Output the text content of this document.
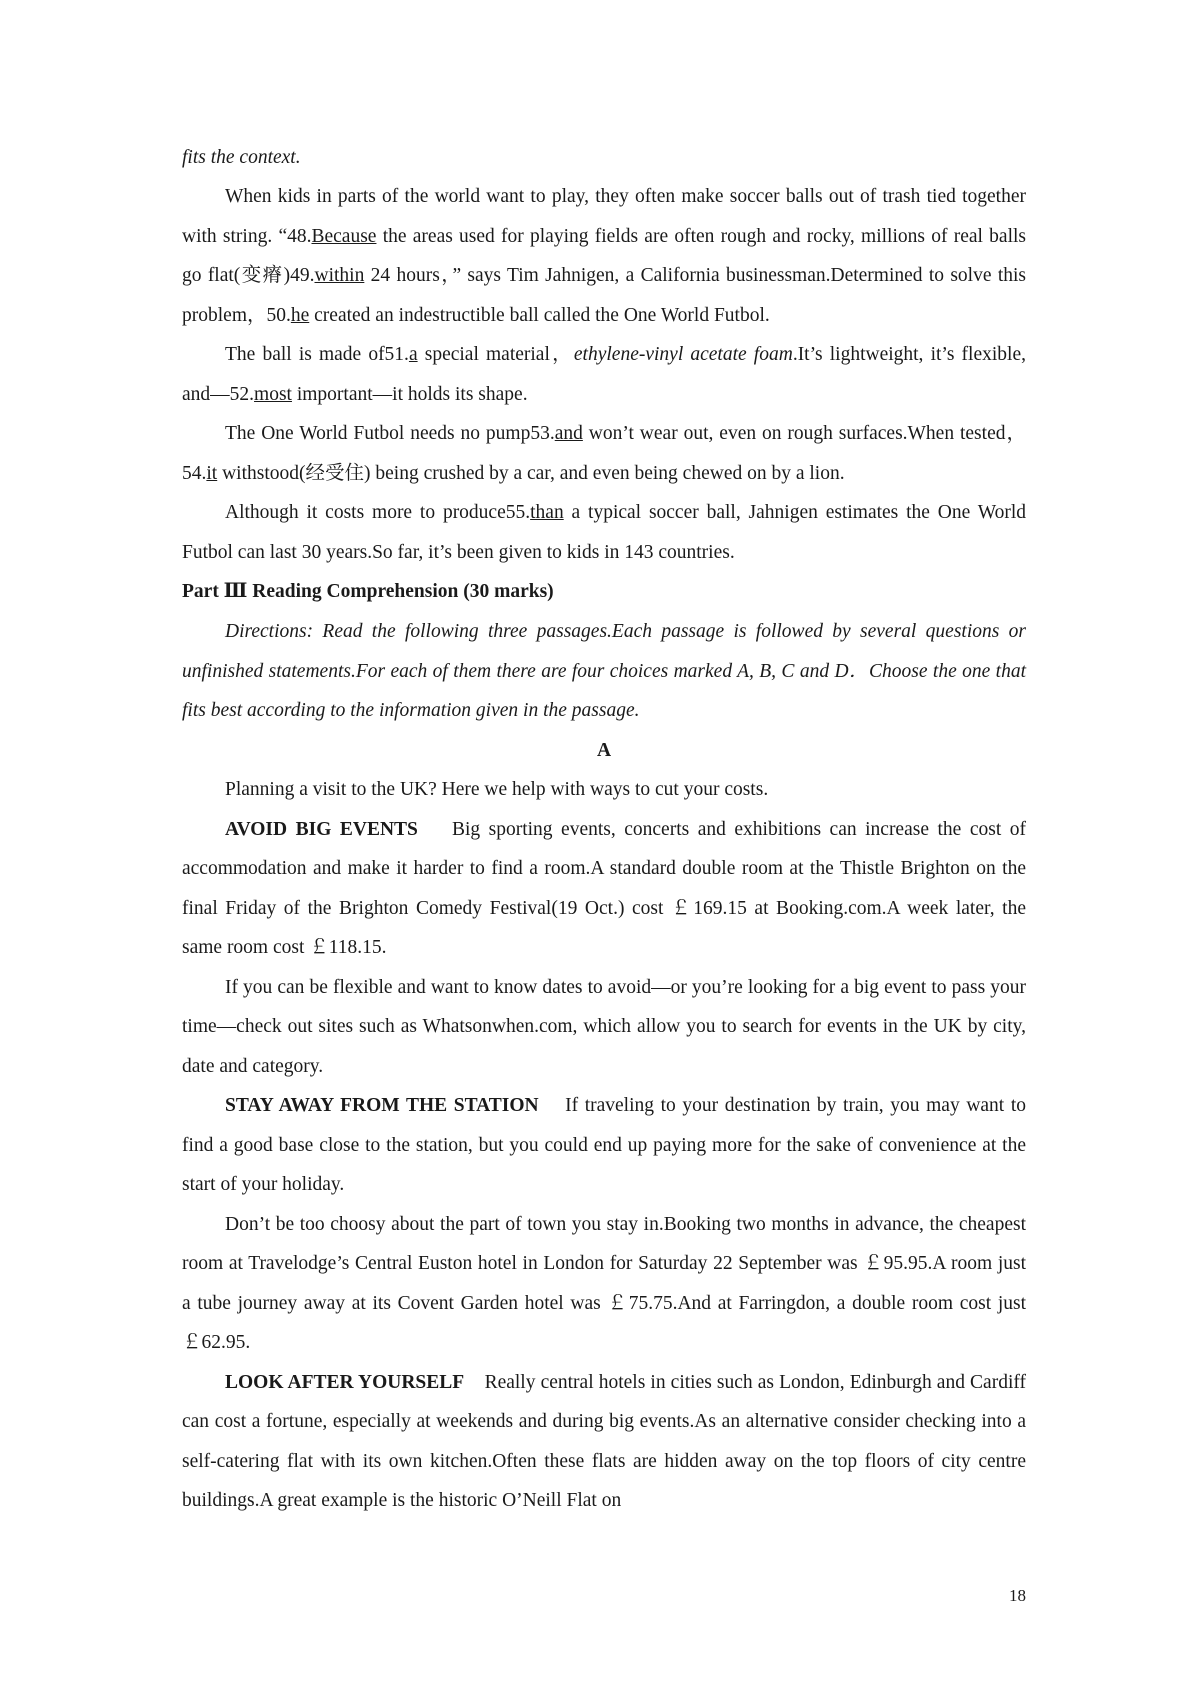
fits the context.

When kids in parts of the world want to play, they often make soccer balls out of trash tied together with string. “48.Because the areas used for playing fields are often rough and rocky, millions of real balls go flat(变瘠)49.within 24 hours，” says Tim Jahnigen, a California businessman.Determined to solve this problem，50.he created an indestructible ball called the One World Futbol.

The ball is made of51.a special material，ethylene-vinyl acetate foam.It’s lightweight, it’s flexible, and—52.most important—it holds its shape.

The One World Futbol needs no pump53.and won’t wear out, even on rough surfaces.When tested，54.it withstood(经受住) being crushed by a car, and even being chewed on by a lion.

Although it costs more to produce55.than a typical soccer ball, Jahnigen estimates the One World Futbol can last 30 years.So far, it’s been given to kids in 143 countries.

Part Ⅲ Reading Comprehension (30 marks)

Directions: Read the following three passages.Each passage is followed by several questions or unfinished statements.For each of them there are four choices marked A, B, C and D．Choose the one that fits best according to the information given in the passage.

A

Planning a visit to the UK? Here we help with ways to cut your costs.

AVOID BIG EVENTS Big sporting events, concerts and exhibitions can increase the cost of accommodation and make it harder to find a room.A standard double room at the Thistle Brighton on the final Friday of the Brighton Comedy Festival(19 Oct.) cost ￡169.15 at Booking.com.A week later, the same room cost ￡118.15.

If you can be flexible and want to know dates to avoid—or you’re looking for a big event to pass your time—check out sites such as Whatsonwhen.com, which allow you to search for events in the UK by city, date and category.

STAY AWAY FROM THE STATION If traveling to your destination by train, you may want to find a good base close to the station, but you could end up paying more for the sake of convenience at the start of your holiday.

Don’t be too choosy about the part of town you stay in.Booking two months in advance, the cheapest room at Travelodge’s Central Euston hotel in London for Saturday 22 September was ￡95.95.A room just a tube journey away at its Covent Garden hotel was ￡75.75.And at Farringdon, a double room cost just ￡62.95.

LOOK AFTER YOURSELF Really central hotels in cities such as London, Edinburgh and Cardiff can cost a fortune, especially at weekends and during big events.As an alternative consider checking into a self-catering flat with its own kitchen.Often these flats are hidden away on the top floors of city centre buildings.A great example is the historic O’Neill Flat on

18
